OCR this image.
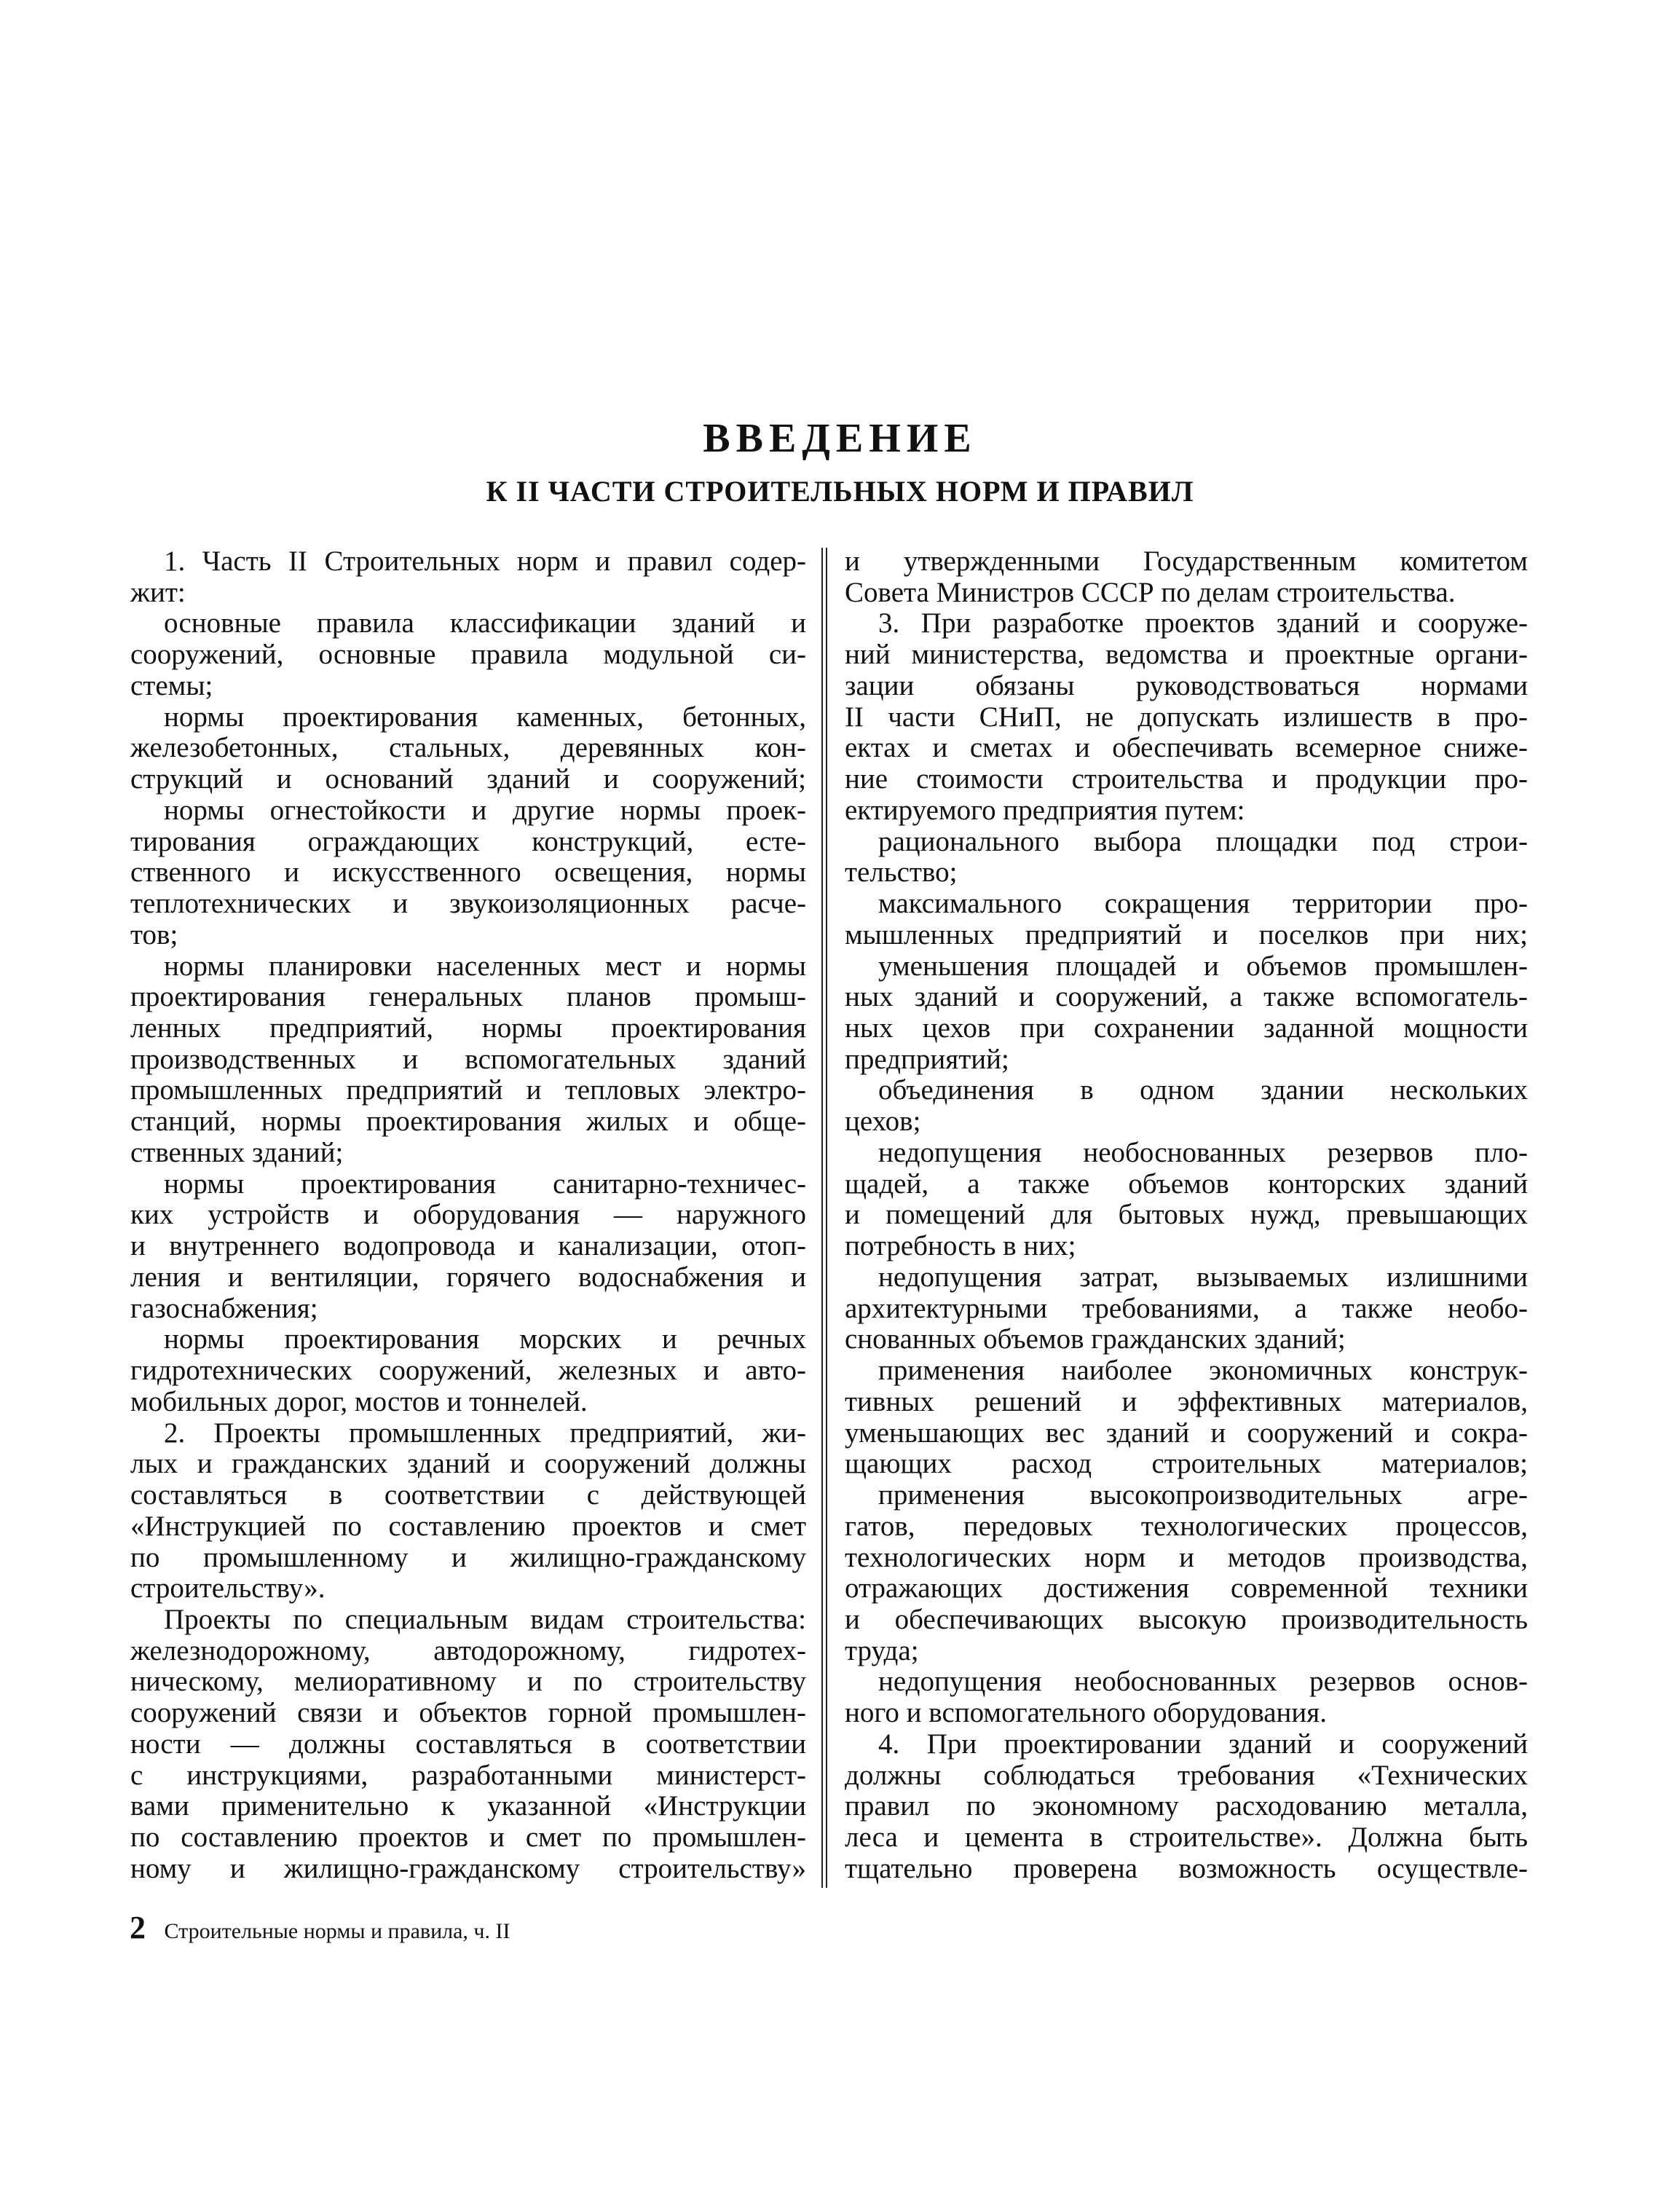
ВВЕДЕНИЕ
К II ЧАСТИ СТРОИТЕЛЬНЫХ НОРМ И ПРАВИЛ
1. Часть II Строительных норм и правил содер-
жит:
основные правила классификации зданий и
сооружений, основные правила модульной си-
стемы;
нормы проектирования каменных, бетонных,
железобетонных, стальных, деревянных кон-
струкций и оснований зданий и сооружений;
нормы огнестойкости и другие нормы проек-
тирования ограждающих конструкций, есте-
ственного и искусственного освещения, нормы
теплотехнических и звукоизоляционных расче-
тов;
нормы планировки населенных мест и нормы
проектирования генеральных планов промыш-
ленных предприятий, нормы проектирования
производственных и вспомогательных зданий
промышленных предприятий и тепловых электро-
станций, нормы проектирования жилых и обще-
ственных зданий;
нормы проектирования санитарно-техничес-
ких устройств и оборудования — наружного
и внутреннего водопровода и канализации, отоп-
ления и вентиляции, горячего водоснабжения и
газоснабжения;
нормы проектирования морских и речных
гидротехнических сооружений, железных и авто-
мобильных дорог, мостов и тоннелей.
2. Проекты промышленных предприятий, жи-
лых и гражданских зданий и сооружений должны
составляться в соответствии с действующей
«Инструкцией по составлению проектов и смет
по промышленному и жилищно-гражданскому
строительству».
Проекты по специальным видам строительства:
железнодорожному, автодорожному, гидротех-
ническому, мелиоративному и по строительству
сооружений связи и объектов горной промышлен-
ности — должны составляться в соответствии
с инструкциями, разработанными министерст-
вами применительно к указанной «Инструкции
по составлению проектов и смет по промышлен-
ному и жилищно-гражданскому строительству»
и утвержденными Государственным комитетом
Совета Министров СССР по делам строительства.
3. При разработке проектов зданий и сооруже-
ний министерства, ведомства и проектные органи-
зации обязаны руководствоваться нормами
II части СНиП, не допускать излишеств в про-
ектах и сметах и обеспечивать всемерное сниже-
ние стоимости строительства и продукции про-
ектируемого предприятия путем:
рационального выбора площадки под строи-
тельство;
максимального сокращения территории про-
мышленных предприятий и поселков при них;
уменьшения площадей и объемов промышлен-
ных зданий и сооружений, а также вспомогатель-
ных цехов при сохранении заданной мощности
предприятий;
объединения в одном здании нескольких
цехов;
недопущения необоснованных резервов пло-
щадей, а также объемов конторских зданий
и помещений для бытовых нужд, превышающих
потребность в них;
недопущения затрат, вызываемых излишними
архитектурными требованиями, а также необо-
снованных объемов гражданских зданий;
применения наиболее экономичных конструк-
тивных решений и эффективных материалов,
уменьшающих вес зданий и сооружений и сокра-
щающих расход строительных материалов;
применения высокопроизводительных агре-
гатов, передовых технологических процессов,
технологических норм и методов производства,
отражающих достижения современной техники
и обеспечивающих высокую производительность
труда;
недопущения необоснованных резервов основ-
ного и вспомогательного оборудования.
4. При проектировании зданий и сооружений
должны соблюдаться требования «Технических
правил по экономному расходованию металла,
леса и цемента в строительстве». Должна быть
тщательно проверена возможность осуществле-
2 Строительные нормы и правила, ч. II
